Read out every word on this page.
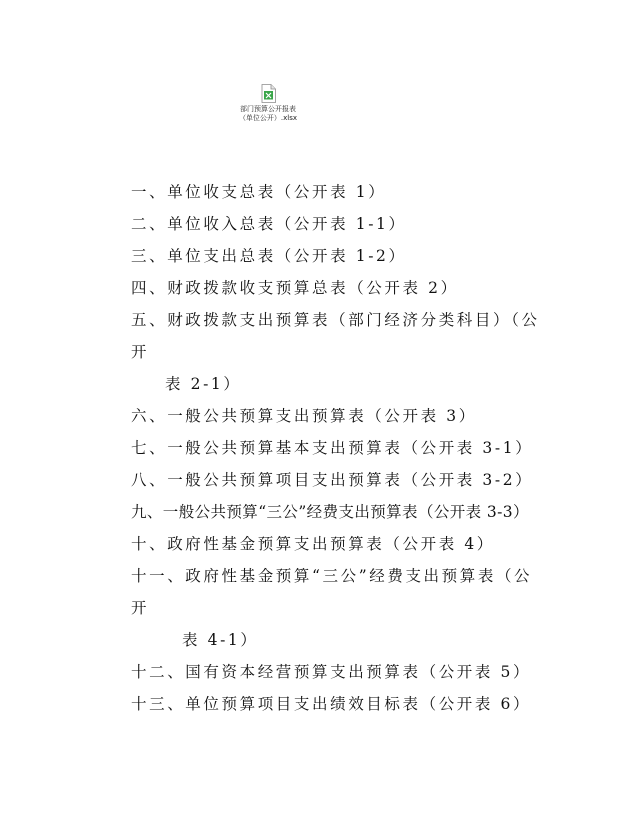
部门预算公开报表
（单位公开）.xlsx
一、单位收支总表（公开表 1）
二、单位收入总表（公开表 1-1）
三、单位支出总表（公开表 1-2）
四、财政拨款收支预算总表（公开表 2）
五、财政拨款支出预算表（部门经济分类科目）（公开
表 2-1）
六、一般公共预算支出预算表（公开表 3）
七、一般公共预算基本支出预算表（公开表 3-1）
八、一般公共预算项目支出预算表（公开表 3-2）
九、一般公共预算“三公”经费支出预算表（公开表 3-3）
十、政府性基金预算支出预算表（公开表 4）
十一、政府性基金预算“三公”经费支出预算表（公开
表 4-1）
十二、国有资本经营预算支出预算表（公开表 5）
十三、单位预算项目支出绩效目标表（公开表 6）
